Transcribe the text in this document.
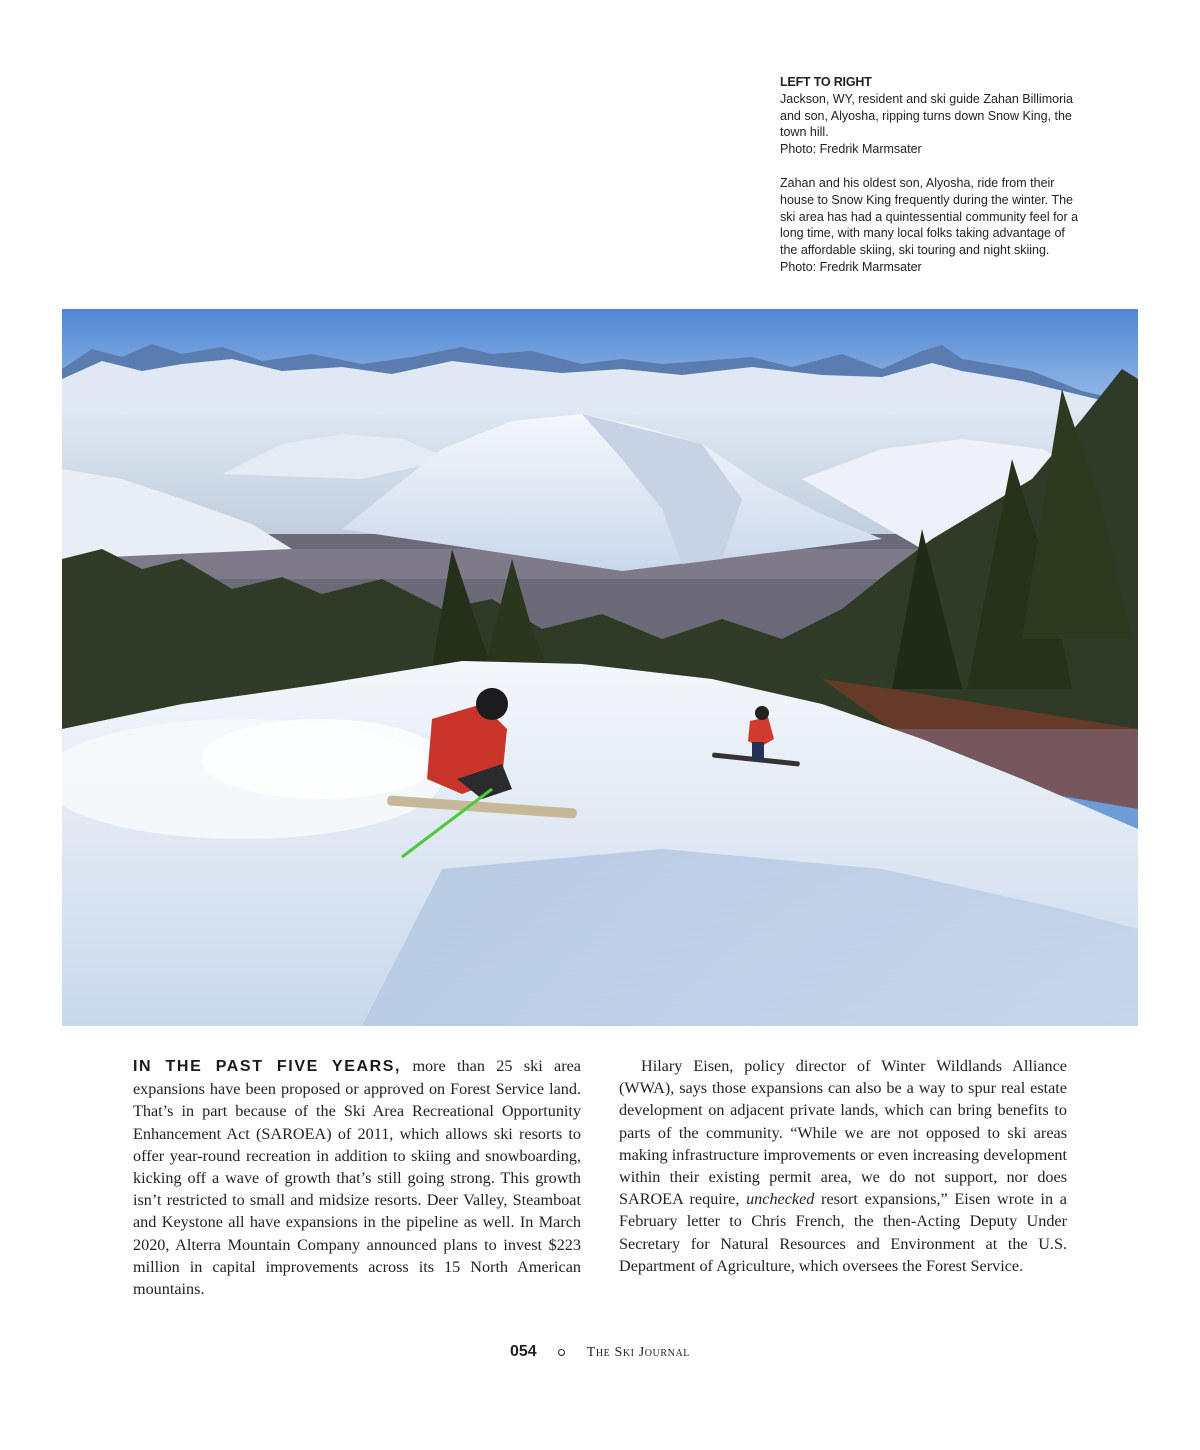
LEFT TO RIGHT

Jackson, WY, resident and ski guide Zahan Billimoria and son, Alyosha, ripping turns down Snow King, the town hill.

Photo: Fredrik Marmsater

Zahan and his oldest son, Alyosha, ride from their house to Snow King frequently during the winter. The ski area has had a quintessential community feel for a long time, with many local folks taking advantage of the affordable skiing, ski touring and night skiing.

Photo: Fredrik Marmsater

IN THE PAST FIVE YEARS, more than 25 ski area expansions have been proposed or approved on Forest Service land. That’s in part because of the Ski Area Recreational Opportunity Enhancement Act (SAROEA) of 2011, which allows ski resorts to offer year-round recreation in addition to skiing and snowboarding, kicking off a wave of growth that’s still going strong. This growth isn’t restricted to small and midsize resorts. Deer Valley, Steamboat and Keystone all have expansions in the pipeline as well. In March 2020, Alterra Mountain Company announced plans to invest $223 million in capital improvements across its 15 North American mountains.

Hilary Eisen, policy director of Winter Wildlands Alliance (WWA), says those expansions can also be a way to spur real estate development on adjacent private lands, which can bring benefits to parts of the community. “While we are not opposed to ski areas making infrastructure improvements or even increasing development within their existing permit area, we do not support, nor does SAROEA require, unchecked resort expansions,” Eisen wrote in a February letter to Chris French, the then-Acting Deputy Under Secretary for Natural Resources and Environment at the U.S. Department of Agriculture, which oversees the Forest Service.

054	The Ski Journal
